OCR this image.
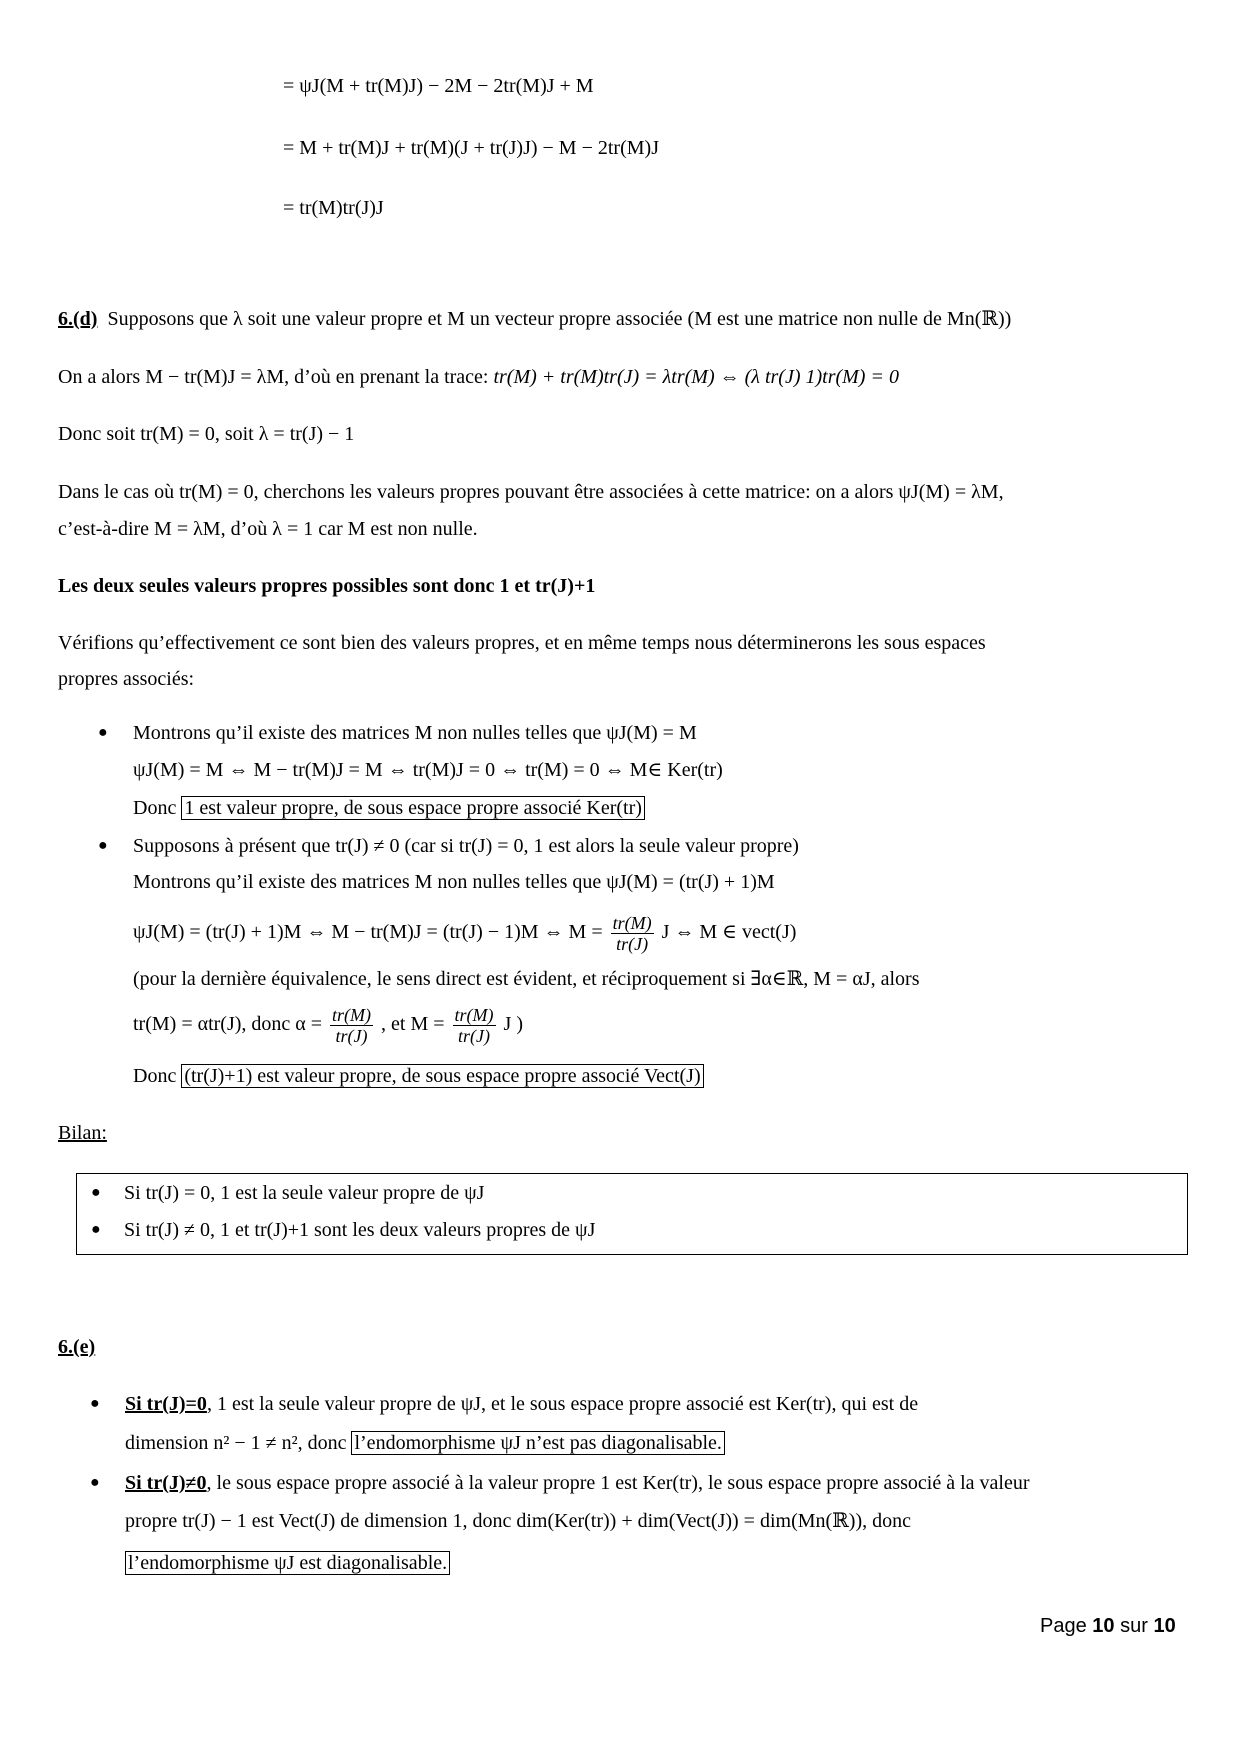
= ψJ(M + tr(M)J) − 2M − 2tr(M)J + M
= M + tr(M)J + tr(M)(J + tr(J)J) − M − 2tr(M)J
= tr(M)tr(J)J
6.(d) Supposons que λ soit une valeur propre et M un vecteur propre associée (M est une matrice non nulle de Mn(ℝ))
On a alors M − tr(M)J = λM, d’où en prenant la trace: tr(M) + tr(M)tr(J) = λtr(M) ⇔ (λ tr(J) 1)tr(M) = 0
Donc soit tr(M) = 0, soit λ = tr(J) − 1
Dans le cas où tr(M) = 0, cherchons les valeurs propres pouvant être associées à cette matrice: on a alors ψJ(M) = λM,
c’est-à-dire M = λM, d’où λ = 1 car M est non nulle.
Les deux seules valeurs propres possibles sont donc 1 et tr(J)+1
Vérifions qu’effectivement ce sont bien des valeurs propres, et en même temps nous déterminerons les sous espaces
propres associés:
● Montrons qu’il existe des matrices M non nulles telles que ψJ(M) = M
ψJ(M) = M ⇔ M − tr(M)J = M ⇔ tr(M)J = 0 ⇔ tr(M) = 0 ⇔ M∈ Ker(tr)
Donc 1 est valeur propre, de sous espace propre associé Ker(tr)
● Supposons à présent que tr(J) ≠ 0 (car si tr(J) = 0, 1 est alors la seule valeur propre)
Montrons qu’il existe des matrices M non nulles telles que ψJ(M) = (tr(J) + 1)M
ψJ(M) = (tr(J) + 1)M ⇔ M − tr(M)J = (tr(J) − 1)M ⇔ $M = \frac{tr(M)}{tr(J)}$ J ⇔ M ∈ vect(J)
(pour la dernière équivalence, le sens direct est évident, et réciproquement si ∃α∈ℝ, M = αJ, alors
tr(M) = αtr(J), donc $\alpha = \frac{tr(M)}{tr(J)}$ , et $M = \frac{tr(M)}{tr(J)}$ J )
Donc (tr(J)+1) est valeur propre, de sous espace propre associé Vect(J)
Bilan:
● Si tr(J) = 0, 1 est la seule valeur propre de ψJ
● Si tr(J) ≠ 0, 1 et tr(J)+1 sont les deux valeurs propres de ψJ
6.(e)
● Si tr(J)=0, 1 est la seule valeur propre de ψJ, et le sous espace propre associé est Ker(tr), qui est de
dimension n² − 1 ≠ n², donc l’endomorphisme ψJ n’est pas diagonalisable.
● Si tr(J)≠0, le sous espace propre associé à la valeur propre 1 est Ker(tr), le sous espace propre associé à la valeur
propre tr(J) − 1 est Vect(J) de dimension 1, donc dim(Ker(tr)) + dim(Vect(J)) = dim(Mn(ℝ)), donc
l’endomorphisme ψJ est diagonalisable.
Page 10 sur 10
